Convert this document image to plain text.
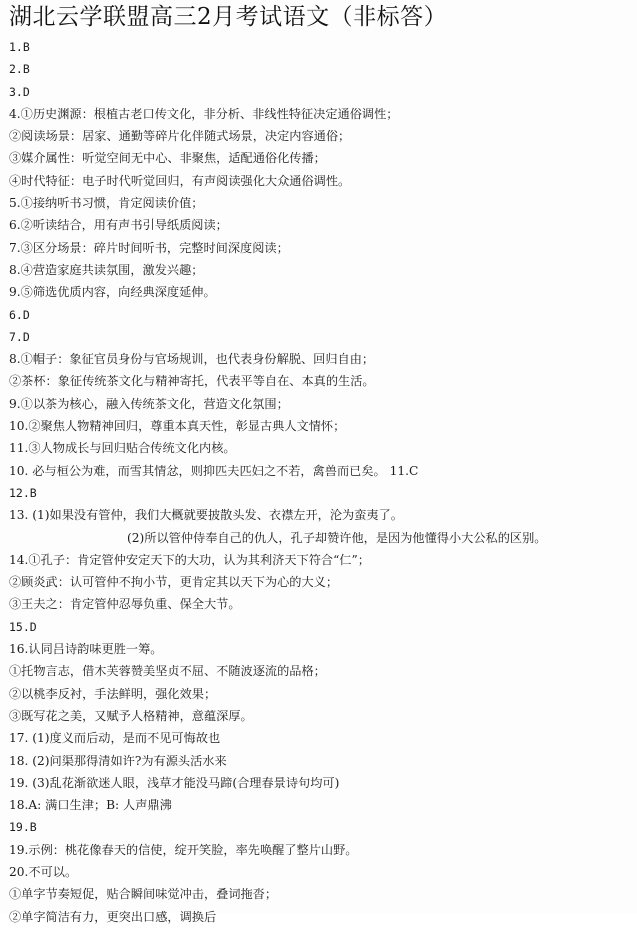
湖北云学联盟高三2月考试语文（非标答）
1.B
2.B
3.D
4.①历史渊源：根植古老口传文化，非分析、非线性特征决定通俗调性；
②阅读场景：居家、通勤等碎片化伴随式场景，决定内容通俗；
③媒介属性：听觉空间无中心、非聚焦，适配通俗化传播；
④时代特征：电子时代听觉回归，有声阅读强化大众通俗调性。
5.①接纳听书习惯，肯定阅读价值；
6.②听读结合，用有声书引导纸质阅读；
7.③区分场景：碎片时间听书，完整时间深度阅读；
8.④营造家庭共读氛围，激发兴趣；
9.⑤筛选优质内容，向经典深度延伸。
6.D
7.D
8.①帽子：象征官员身份与官场规训，也代表身份解脱、回归自由；
②茶杯：象征传统茶文化与精神寄托，代表平等自在、本真的生活。
9.①以茶为核心，融入传统茶文化，营造文化氛围；
10.②聚焦人物精神回归，尊重本真天性，彰显古典人文情怀；
11.③人物成长与回归贴合传统文化内核。
10. 必与桓公为难，而雪其情忿，则抑匹夫匹妇之不若，禽兽而已矣。 11.C
12.B
13. (1)如果没有管仲，我们大概就要披散头发、衣襟左开，沦为蛮夷了。
(2)所以管仲侍奉自己的仇人，孔子却赞许他，是因为他懂得小大公私的区别。
14.①孔子：肯定管仲安定天下的大功，认为其利济天下符合“仁”；
②顾炎武：认可管仲不拘小节，更肯定其以天下为心的大义；
③王夫之：肯定管仲忍辱负重、保全大节。
15.D
16.认同吕诗韵味更胜一筹。
①托物言志，借木芙蓉赞美坚贞不屈、不随波逐流的品格；
②以桃李反衬，手法鲜明，强化效果；
③既写花之美，又赋予人格精神，意蕴深厚。
17. (1)度义而后动，是而不见可悔故也
18. (2)问渠那得清如许?为有源头活水来
19. (3)乱花渐欲迷人眼，浅草才能没马蹄(合理春景诗句均可)
18.A: 满口生津；B: 人声鼎沸
19.B
19.示例：桃花像春天的信使，绽开笑脸，率先唤醒了整片山野。
20.不可以。
①单字节奏短促，贴合瞬间味觉冲击，叠词拖沓；
②单字简洁有力，更突出口感，调换后
